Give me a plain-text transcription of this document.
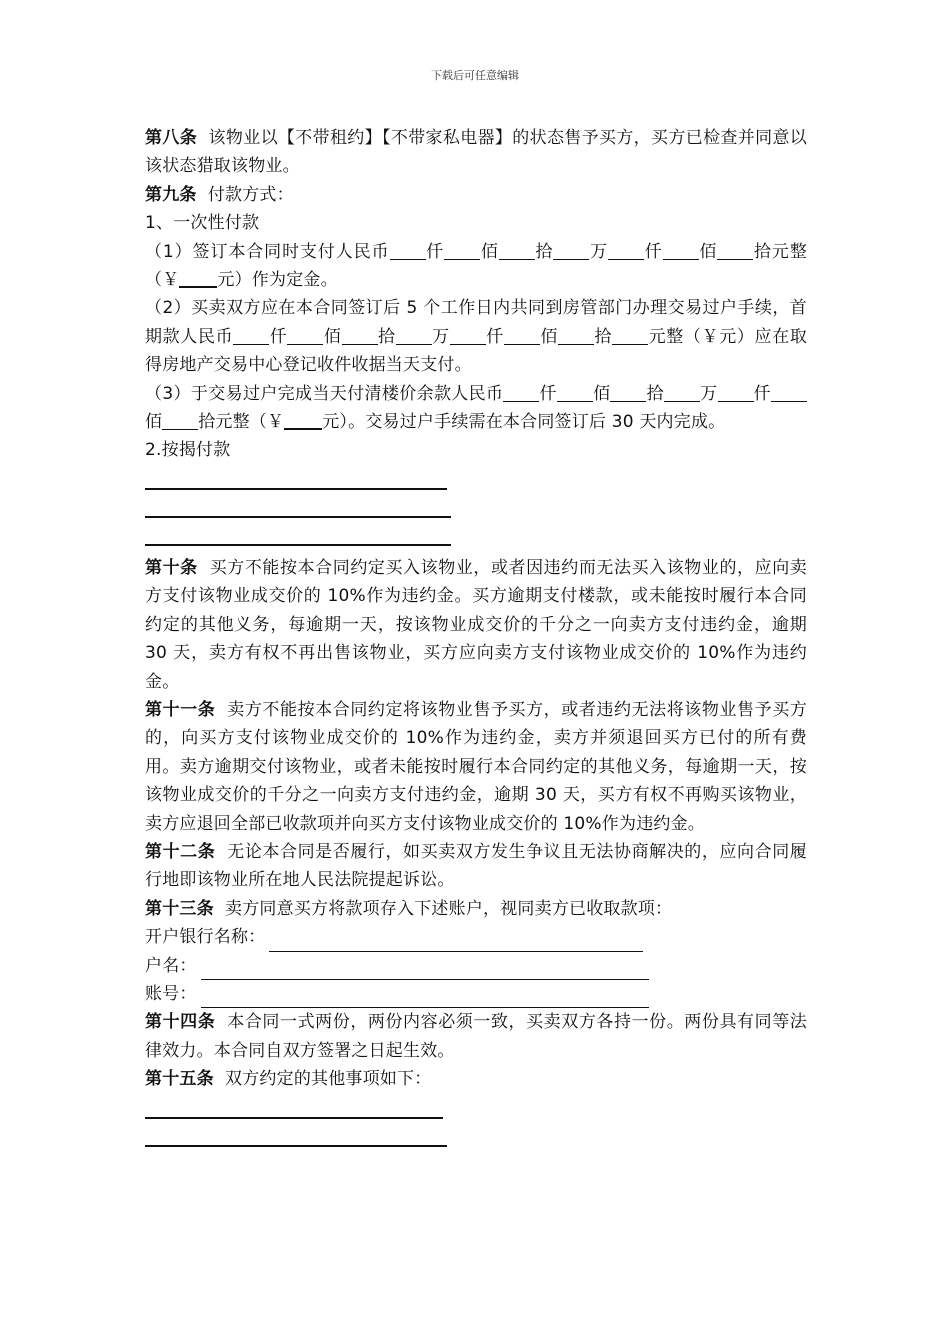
下载后可任意编辑

第八条 该物业以【不带租约】【不带家私电器】的状态售予买方，买方已检查并同意以该状态猎取该物业。

第九条 付款方式：

1、一次性付款

（1）签订本合同时支付人民币 仟 佰 拾 万 仟 佰 拾元整（￥ 元）作为定金。

（2）买卖双方应在本合同签订后 5 个工作日内共同到房管部门办理交易过户手续，首期款人民币 仟 佰 拾 万 仟 佰 拾 元整（￥元）应在取得房地产交易中心登记收件收据当天支付。

（3）于交易过户完成当天付清楼价余款人民币 仟 佰 拾 万 仟佰 拾元整（￥ 元）。交易过户手续需在本合同签订后 30 天内完成。

2.按揭付款

第十条 买方不能按本合同约定买入该物业，或者因违约而无法买入该物业的，应向卖方支付该物业成交价的 10%作为违约金。买方逾期支付楼款，或未能按时履行本合同约定的其他义务，每逾期一天，按该物业成交价的千分之一向卖方支付违约金，逾期 30 天，卖方有权不再出售该物业，买方应向卖方支付该物业成交价的 10%作为违约金。

第十一条 卖方不能按本合同约定将该物业售予买方，或者违约无法将该物业售予买方的，向买方支付该物业成交价的 10%作为违约金，卖方并须退回买方已付的所有费用。卖方逾期交付该物业，或者未能按时履行本合同约定的其他义务，每逾期一天，按该物业成交价的千分之一向卖方支付违约金，逾期 30 天，买方有权不再购买该物业，卖方应退回全部已收款项并向买方支付该物业成交价的 10%作为违约金。

第十二条 无论本合同是否履行，如买卖双方发生争议且无法协商解决的，应向合同履行地即该物业所在地人民法院提起诉讼。

第十三条 卖方同意买方将款项存入下述账户，视同卖方已收取款项：

开户银行名称：
户名：
账号：

第十四条 本合同一式两份，两份内容必须一致，买卖双方各持一份。两份具有同等法律效力。本合同自双方签署之日起生效。

第十五条 双方约定的其他事项如下：
